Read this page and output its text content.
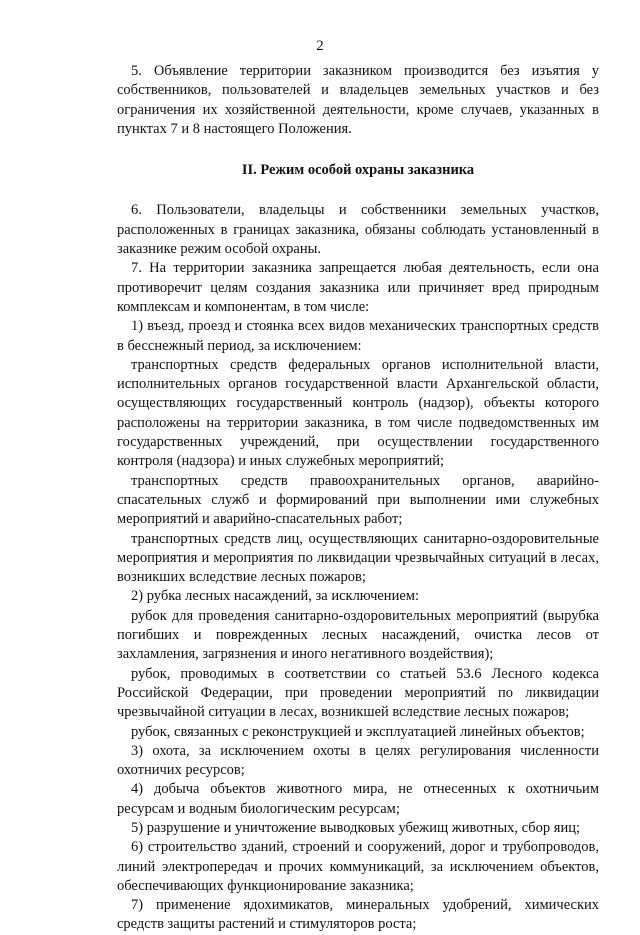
2

5. Объявление территории заказником производится без изъятия у собственников, пользователей и владельцев земельных участков и без ограничения их хозяйственной деятельности, кроме случаев, указанных в пунктах 7 и 8 настоящего Положения.

II. Режим особой охраны заказника

6. Пользователи, владельцы и собственники земельных участков, расположенных в границах заказника, обязаны соблюдать установленный в заказнике режим особой охраны.

7. На территории заказника запрещается любая деятельность, если она противоречит целям создания заказника или причиняет вред природным комплексам и компонентам, в том числе:

1) въезд, проезд и стоянка всех видов механических транспортных средств в бесснежный период, за исключением:

транспортных средств федеральных органов исполнительной власти, исполнительных органов государственной власти Архангельской области, осуществляющих государственный контроль (надзор), объекты которого расположены на территории заказника, в том числе подведомственных им государственных учреждений, при осуществлении государственного контроля (надзора) и иных служебных мероприятий;

транспортных средств правоохранительных органов, аварийно-спасательных служб и формирований при выполнении ими служебных мероприятий и аварийно-спасательных работ;

транспортных средств лиц, осуществляющих санитарно-оздоровительные мероприятия и мероприятия по ликвидации чрезвычайных ситуаций в лесах, возникших вследствие лесных пожаров;

2) рубка лесных насаждений, за исключением:

рубок для проведения санитарно-оздоровительных мероприятий (вырубка погибших и поврежденных лесных насаждений, очистка лесов от захламления, загрязнения и иного негативного воздействия);

рубок, проводимых в соответствии со статьей 53.6 Лесного кодекса Российской Федерации, при проведении мероприятий по ликвидации чрезвычайной ситуации в лесах, возникшей вследствие лесных пожаров;

рубок, связанных с реконструкцией и эксплуатацией линейных объектов;

3) охота, за исключением охоты в целях регулирования численности охотничих ресурсов;

4) добыча объектов животного мира, не отнесенных к охотничьим ресурсам и водным биологическим ресурсам;

5) разрушение и уничтожение выводковых убежищ животных, сбор яиц;

6) строительство зданий, строений и сооружений, дорог и трубопроводов, линий электропередач и прочих коммуникаций, за исключением объектов, обеспечивающих функционирование заказника;

7) применение ядохимикатов, минеральных удобрений, химических средств защиты растений и стимуляторов роста;
